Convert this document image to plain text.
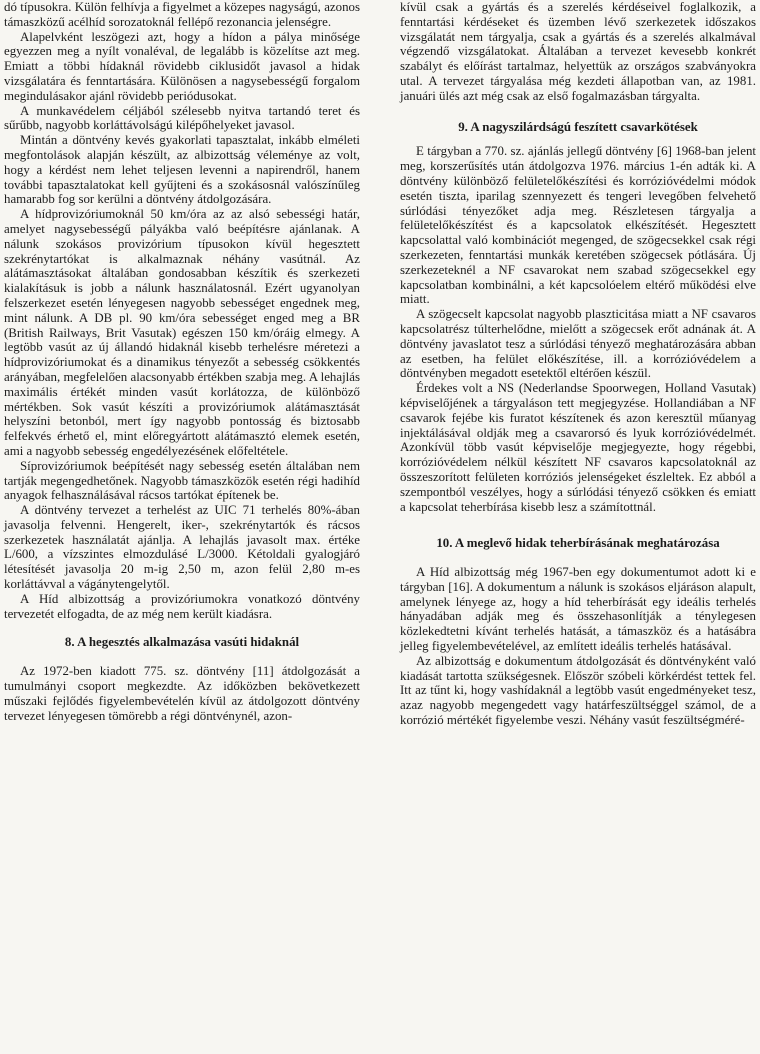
dó típusokra. Külön felhívja a figyelmet a közepes nagyságú, azonos támaszközű acélhíd sorozatoknál fellépő rezonancia jelenségre.

Alapelvként leszögezi azt, hogy a hídon a pálya minősége egyezzen meg a nyílt vonaléval, de legalább is közelítse azt meg. Emiatt a többi hídaknál rövidebb ciklusidőt javasol a hidak vizsgálatára és fenntartására. Különösen a nagysebességű forgalom megindulásakor ajánl rövidebb periódusokat.

A munkavédelem céljából szélesebb nyitva tartandó teret és sűrűbb, nagyobb korláttávolságú kilépőhelyeket javasol.

Mintán a döntvény kevés gyakorlati tapasztalat, inkább elméleti megfontolások alapján készült, az albizottság véleménye az volt, hogy a kérdést nem lehet teljesen levenni a napirendről, hanem további tapasztalatokat kell gyűjteni és a szokásosnál valószínűleg hamarabb fog sor kerülni a döntvény átdolgozására.

A hídprovizóriumoknál 50 km/óra az az alsó sebességi határ, amelyet nagysebességű pályákba való beépítésre ajánlanak. A nálunk szokásos provizórium típusokon kívül hegesztett szekrénytartókat is alkalmaznak néhány vasútnál. Az alátámasztásokat általában gondosabban készítik és szerkezeti kialakításuk is jobb a nálunk használatosnál. Ezért ugyanolyan felszerkezet esetén lényegesen nagyobb sebességet engednek meg, mint nálunk. A DB pl. 90 km/óra sebességet enged meg a BR (British Railways, Brit Vasutak) egészen 150 km/óráig elmegy. A legtöbb vasút az új állandó hidaknál kisebb terhelésre méretezi a hídprovizóriumokat és a dinamikus tényezőt a sebesség csökkentés arányában, megfelelően alacsonyabb értékben szabja meg. A lehajlás maximális értékét minden vasút korlátozza, de különböző mértékben. Sok vasút készíti a provizóriumok alátámasztását helyszíni betonból, mert így nagyobb pontosság és biztosabb felfekvés érhető el, mint előregyártott alátámasztó elemek esetén, ami a nagyobb sebesség engedélyezésének előfeltétele.

Síprovizóriumok beépítését nagy sebesség esetén általában nem tartják megengedhetőnek. Nagyobb támaszközök esetén régi hadihíd anyagok felhasználásával rácsos tartókat építenek be.

A döntvény tervezet a terhelést az UIC 71 terhelés 80%-ában javasolja felvenni. Hengerelt, iker-, szekrénytartók és rácsos szerkezetek használatát ajánlja. A lehajlás javasolt max. értéke L/600, a vízszintes elmozdulásé L/3000. Kétoldali gyalogjáró létesítését javasolja 20 m-ig 2,50 m, azon felül 2,80 m-es korláttávval a vágánytengelytől.

A Híd albizottság a provizóriumokra vonatkozó döntvény tervezetét elfogadta, de az még nem került kiadásra.

8. A hegesztés alkalmazása vasúti hidaknál

Az 1972-ben kiadott 775. sz. döntvény [11] átdolgozását a tumulmányi csoport megkezdte. Az időközben bekövetkezett műszaki fejlődés figyelembevételén kívül az átdolgozott döntvény tervezet lényegesen tömörebb a régi döntvénynél, azon-

kívül csak a gyártás és a szerelés kérdéseivel foglalkozik, a fenntartási kérdéseket és üzemben lévő szerkezetek időszakos vizsgálatát nem tárgyalja, csak a gyártás és a szerelés alkalmával végzendő vizsgálatokat. Általában a tervezet kevesebb konkrét szabályt és előírást tartalmaz, helyettük az országos szabványokra utal. A tervezet tárgyalása még kezdeti állapotban van, az 1981. januári ülés azt még csak az első fogalmazásban tárgyalta.

9. A nagyszilárdságú feszített csavarkötések

E tárgyban a 770. sz. ajánlás jellegű döntvény [6] 1968-ban jelent meg, korszerűsítés után átdolgozva 1976. március 1-én adták ki. A döntvény különböző felületelőkészítési és korrózióvédelmi módok esetén tiszta, iparilag szennyezett és tengeri levegőben felvehető súrlódási tényezőket adja meg. Részletesen tárgyalja a felületelőkészítést és a kapcsolatok elkészítését. Hegesztett kapcsolattal való kombinációt megenged, de szögecsekkel csak régi szerkezeten, fenntartási munkák keretében szögecsek pótlására. Új szerkezeteknél a NF csavarokat nem szabad szögecsekkel egy kapcsolatban kombinálni, a két kapcsolóelem eltérő működési elve miatt.

A szögecselt kapcsolat nagyobb plaszticitása miatt a NF csavaros kapcsolatrész túlterhelődne, mielőtt a szögecsek erőt adnának át. A döntvény javaslatot tesz a súrlódási tényező meghatározására abban az esetben, ha felület előkészítése, ill. a korrózióvédelem a döntvényben megadott esetektől eltérően készül.

Érdekes volt a NS (Nederlandse Spoorwegen, Holland Vasutak) képviselőjének a tárgyaláson tett megjegyzése. Hollandiában a NF csavarok fejébe kis furatot készítenek és azon keresztül műanyag injektálásával oldják meg a csavarorsó és lyuk korrózióvédelmét. Azonkívül több vasút képviselője megjegyezte, hogy régebbi, korrózióvédelem nélkül készített NF csavaros kapcsolatoknál az összeszorított felületen korróziós jelenségeket észleltek. Ez abból a szempontból veszélyes, hogy a súrlódási tényező csökken és emiatt a kapcsolat teherbírása kisebb lesz a számítottnál.

10. A meglevő hidak teherbírásának meghatározása

A Híd albizottság még 1967-ben egy dokumentumot adott ki e tárgyban [16]. A dokumentum a nálunk is szokásos eljáráson alapult, amelynek lényege az, hogy a híd teherbírását egy ideális terhelés hányadában adják meg és összehasonlítják a ténylegesen közlekedtetni kívánt terhelés hatását, a támaszköz és a hatásábra jelleg figyelembevételével, az említett ideális terhelés hatásával.

Az albizottság e dokumentum átdolgozását és döntvényként való kiadását tartotta szükségesnek. Először szóbeli körkérdést tettek fel. Itt az tűnt ki, hogy vashídaknál a legtöbb vasút engedményeket tesz, azaz nagyobb megengedett vagy határfeszültséggel számol, de a korrózió mértékét figyelembe veszi. Néhány vasút feszültségméré-
